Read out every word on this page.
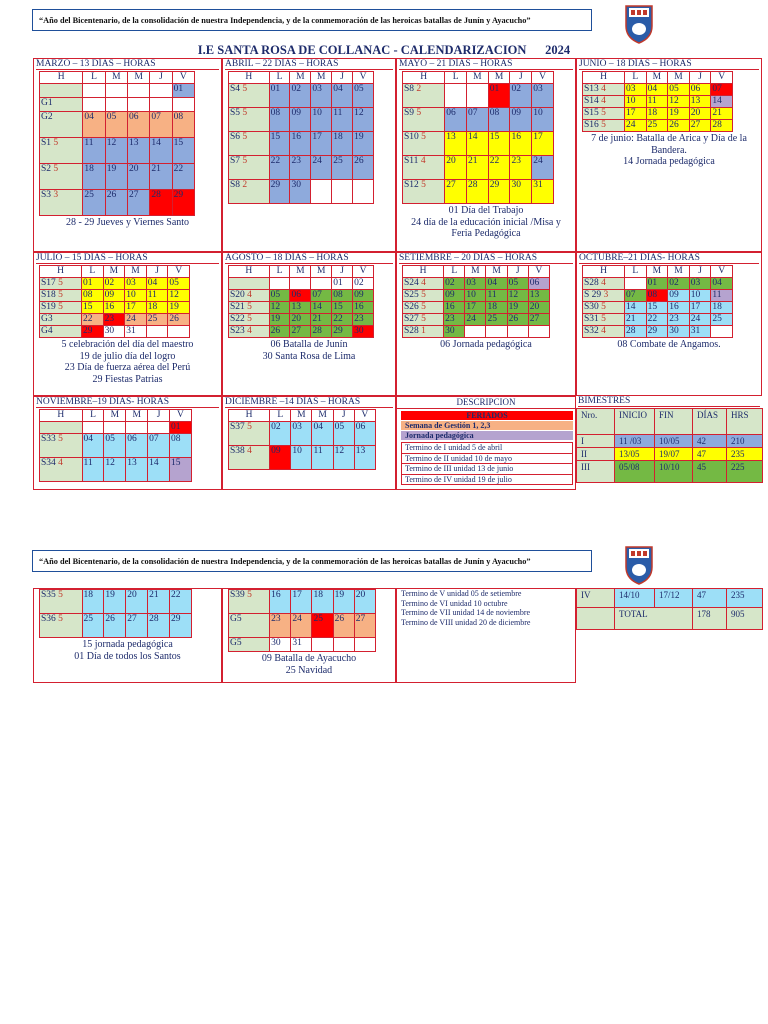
“Año del Bicentenario, de la consolidación de nuestra Independencia, y de la conmemoración de las heroicas batallas de Junín y Ayacucho”
I.E SANTA ROSA DE COLLANAC - CALENDARIZACION      2024
MARZO – 13 DÍAS – HORAS
H	L	M	M	J	V
					01
G1					
G2	04	05	06	07	08
S1 5	11	12	13	14	15
S2 5	18	19	20	21	22
S3 3	25	26	27	28	29
28 - 29 Jueves y Viernes Santo
ABRIL – 22 DÍAS – HORAS
H	L	M	M	J	V
S4 5	01	02	03	04	05
S5 5	08	09	10	11	12
S6 5	15	16	17	18	19
S7 5	22	23	24	25	26
S8 2	29	30			
MAYO – 21 DÍAS – HORAS
H	L	M	M	J	V
S8 2			01	02	03
S9 5	06	07	08	09	10
S10 5	13	14	15	16	17
S11 4	20	21	22	23	24
S12 5	27	28	29	30	31
01 Día del Trabajo
24 día de la educación inicial /Misa y Feria Pedagógica
JUNIO – 18 DÍAS – HORAS
H	L	M	M	J	V
S13 4	03	04	05	06	07
S14 4	10	11	12	13	14
S15 5	17	18	19	20	21
S16 5	24	25	26	27	28
7 de junio: Batalla de Arica y Día de la Bandera.
14 Jornada pedagógica
JULIO – 15 DÍAS – HORAS
H	L	M	M	J	V
S17 5	01	02	03	04	05
S18 5	08	09	10	11	12
S19 5	15	16	17	18	19
G3	22	23	24	25	26
G4	29	30	31		
5 celebración del día del maestro
19 de julio día del logro
23 Día de fuerza aérea del Perú
29 Fiestas Patrias
AGOSTO – 18 DÍAS – HORAS
H	L	M	M	J	V
				01	02
S20 4	05	06	07	08	09
S21 5	12	13	14	15	16
S22 5	19	20	21	22	23
S23 4	26	27	28	29	30
06 Batalla de Junín
30 Santa Rosa de Lima
SETIEMBRE – 20 DÍAS – HORAS
H	L	M	M	J	V
S24 4	02	03	04	05	06
S25 5	09	10	11	12	13
S26 5	16	17	18	19	20
S27 5	23	24	25	26	27
S28 1	30				
06 Jornada pedagógica
OCTUBRE–21 DÍAS- HORAS
H	L	M	M	J	V
S28 4		01	02	03	04
S 29 3	07	08	09	10	11
S30 5	14	15	16	17	18
S31 5	21	22	23	24	25
S32 4	28	29	30	31	
08 Combate de Angamos.
NOVIEMBRE–19 DÍAS- HORAS
H	L	M	M	J	V
					01
S33 5	04	05	06	07	08
S34 4	11	12	13	14	15
DICIEMBRE –14 DÍAS – HORAS
H	L	M	M	J	V
S37 5	02	03	04	05	06
S38 4	09	10	11	12	13
DESCRIPCION
FERIADOS
Semana de Gestión 1, 2,3
Jornada pedagógica
Termino de I unidad 5 de abril
Termino de II unidad 10 de mayo
Termino de III unidad 13 de junio
Termino de IV unidad 19 de julio
BIMESTRES
Nro.	INICIO	FIN	DÍAS	HRS
I	11 /03	10/05	42	210
II	13/05	19/07	47	235
III	05/08	10/10	45	225
“Año del Bicentenario, de la consolidación de nuestra Independencia, y de la conmemoración de las heroicas batallas de Junín y Ayacucho”
S35 5	18	19	20	21	22
S36 5	25	26	27	28	29
15 jornada pedagógica
01 Día de todos los Santos
S39 5	16	17	18	19	20
G5	23	24	25	26	27
G5	30	31			
09 Batalla de Ayacucho
25 Navidad
Termino de V unidad 05 de setiembre
Termino de VI unidad 10 octubre
Termino de VII unidad 14 de noviembre
Termino de VIII unidad 20 de diciembre
IV	14/10	17/12	47	235
	TOTAL		178	905
